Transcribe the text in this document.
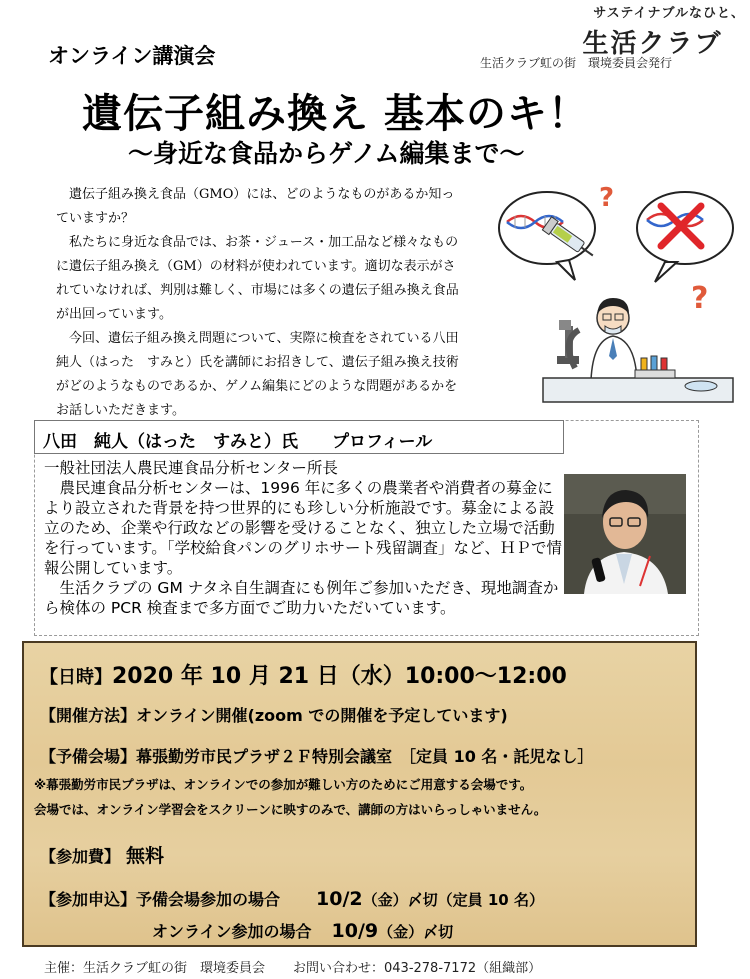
サステイナブルなひと、
生活クラブ
生活クラブ虹の街　環境委員会発行
オンライン講演会
遺伝子組み換え 基本のキ！
～身近な食品からゲノム編集まで～

遺伝子組み換え食品（GMO）には、どのようなものがあるか知っていますか？

私たちに身近な食品では、お茶・ジュース・加工品など様々なものに遺伝子組み換え（GM）の材料が使われています。適切な表示がされていなければ、判別は難しく、市場には多くの遺伝子組み換え食品が出回っています。

今回、遺伝子組み換え問題について、実際に検査をされている八田純人（はった　すみと）氏を講師にお招きして、遺伝子組み換え技術がどのようなものであるか、ゲノム編集にどのような問題があるかをお話しいただきます。

?
?
八田　純人（はった　すみと）氏　　プロフィール

一般社団法人農民連食品分析センター所長

農民連食品分析センターは、1996 年に多くの農業者や消費者の募金により設立された背景を持つ世界的にも珍しい分析施設です。募金による設立のため、企業や行政などの影響を受けることなく、独立した立場で活動を行っています。「学校給食パンのグリホサート残留調査」など、ＨＰで情報公開しています。

生活クラブの GM ナタネ自生調査にも例年ご参加いただき、現地調査から検体の PCR 検査まで多方面でご助力いただいています。

【日時】2020 年 10 月 21 日（水）10:00～12:00
【開催方法】オンライン開催(zoom での開催を予定しています)
【予備会場】幕張勤労市民プラザ２Ｆ特別会議室　［定員 10 名・託児なし］
※幕張勤労市民プラザは、オンラインでの参加が難しい方のためにご用意する会場です。
会場では、オンライン学習会をスクリーンに映すのみで、講師の方はいらっしゃいません。
【参加費】 無料
【参加申込】予備会場参加の場合 10/2（金）〆切（定員 10 名）
オンライン参加の場合 10/9（金）〆切
主催：生活クラブ虹の街　環境委員会 お問い合わせ：043-278-7172（組織部）
